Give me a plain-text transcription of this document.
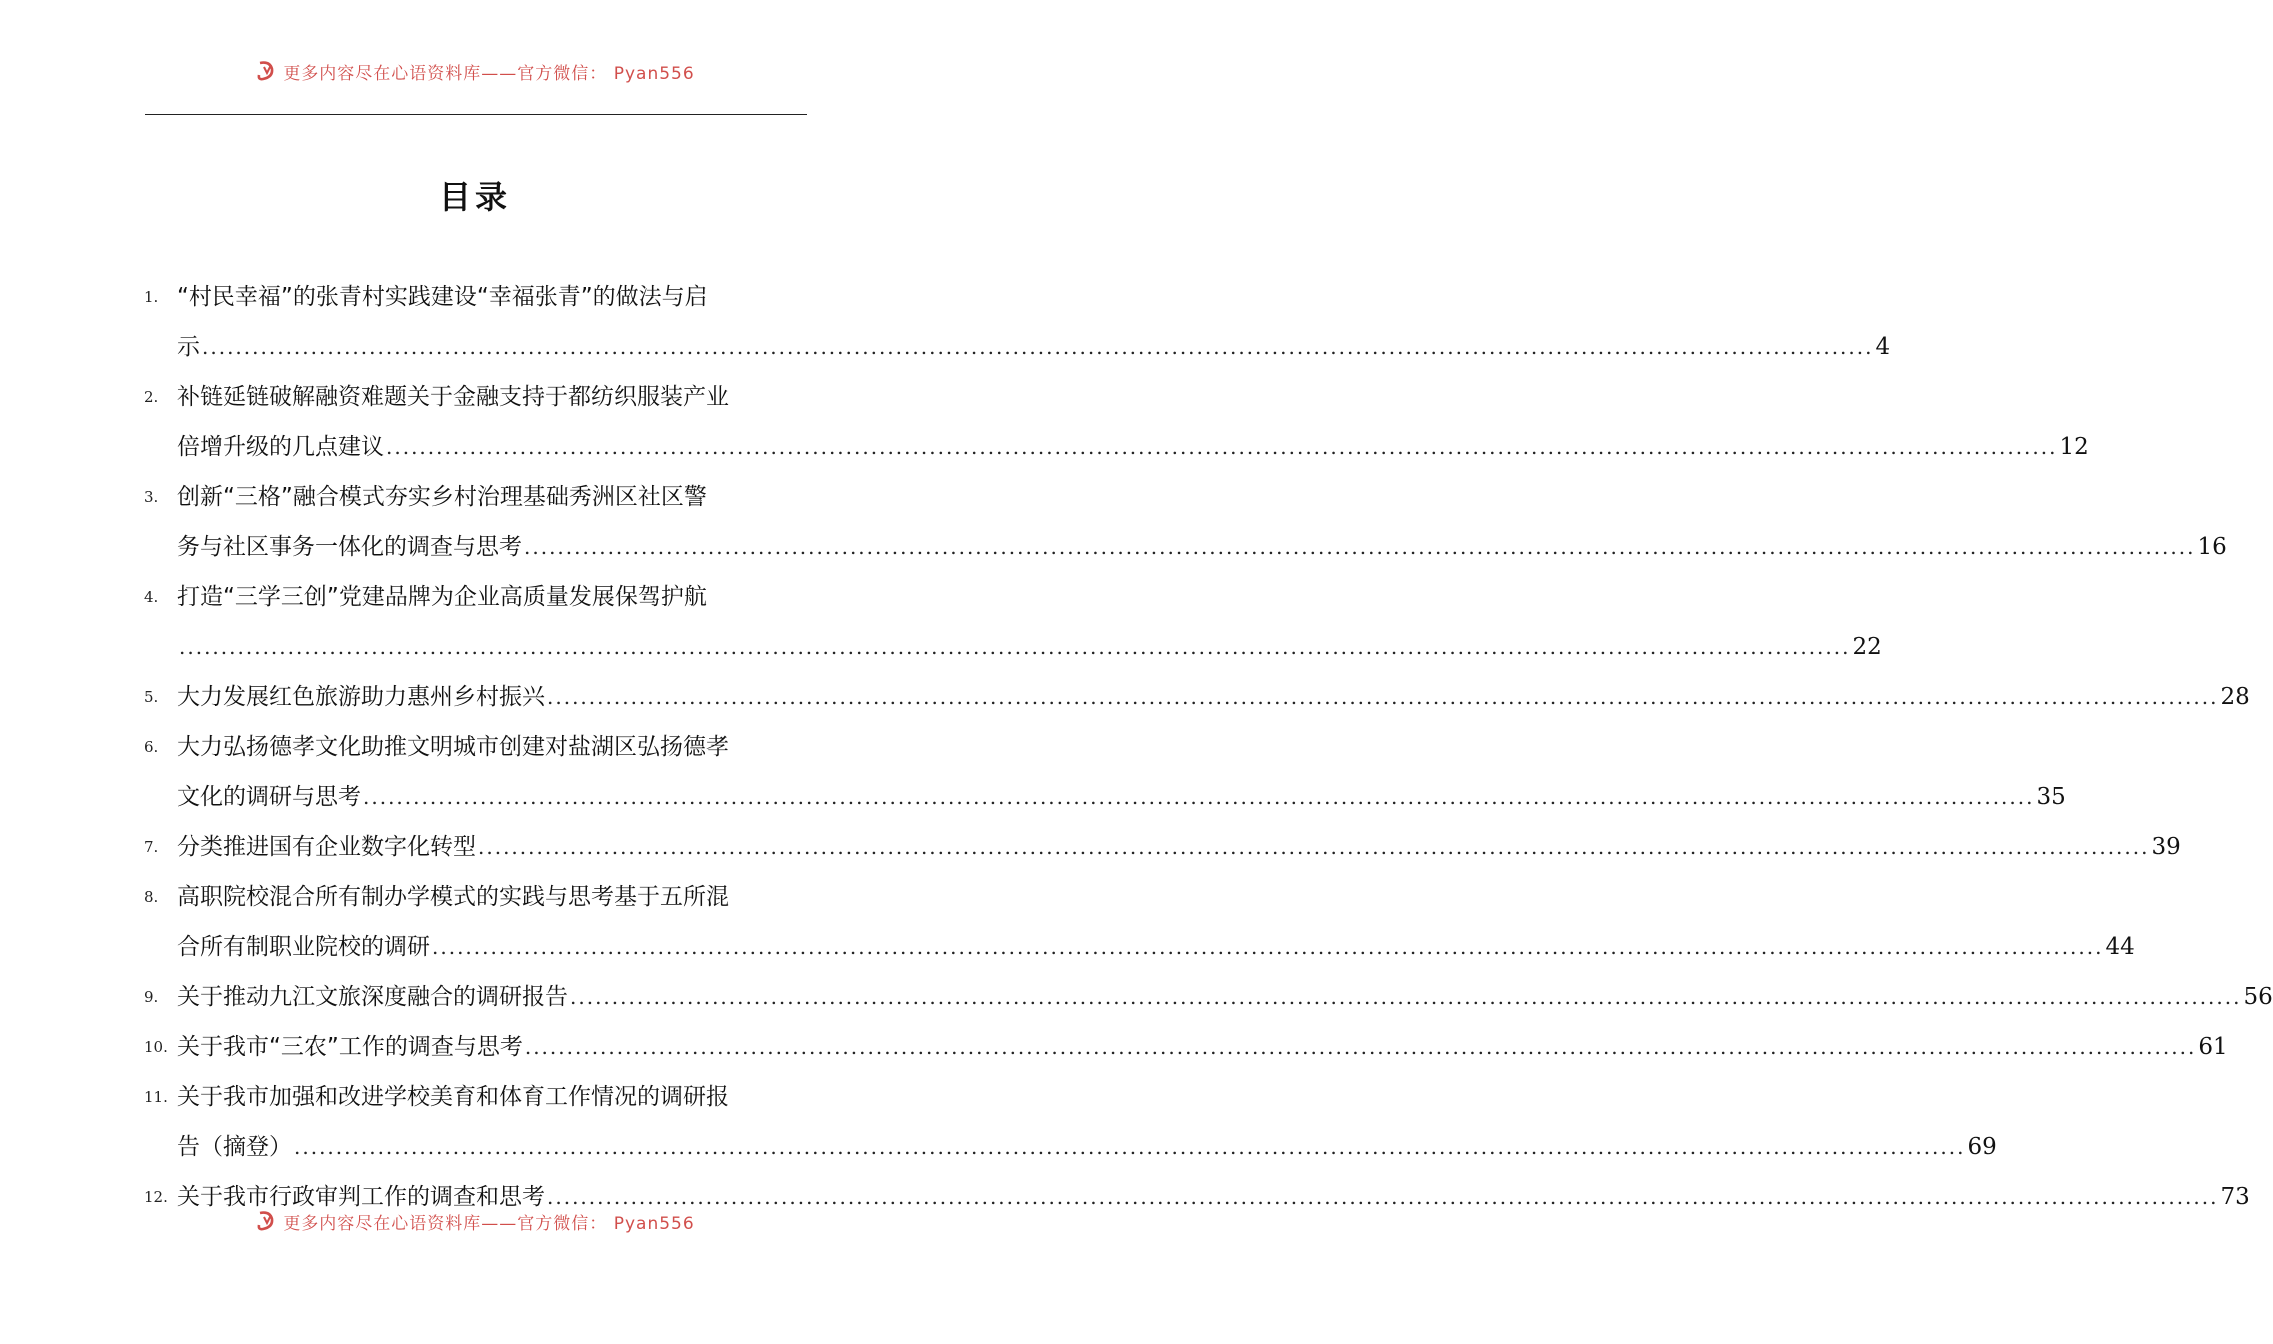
更多内容尽在心语资料库——官方微信： Pyan556
目录
1. “村民幸福”的张青村实践建设“幸福张青”的做法与启
示 ........................................................................................................................................................................................................ 4
2. 补链延链破解融资难题关于金融支持于都纺织服装产业
倍增升级的几点建议 ........................................................................................................................................................................................................ 12
3. 创新“三格”融合模式夯实乡村治理基础秀洲区社区警
务与社区事务一体化的调查与思考 ........................................................................................................................................................................................................ 16
4. 打造“三学三创”党建品牌为企业高质量发展保驾护航
........................................................................................................................................................................................................ 22
5. 大力发展红色旅游助力惠州乡村振兴 ........................................................................................................................................................................................................ 28
6. 大力弘扬德孝文化助推文明城市创建对盐湖区弘扬德孝
文化的调研与思考 ........................................................................................................................................................................................................ 35
7. 分类推进国有企业数字化转型 ........................................................................................................................................................................................................ 39
8. 高职院校混合所有制办学模式的实践与思考基于五所混
合所有制职业院校的调研 ........................................................................................................................................................................................................ 44
9. 关于推动九江文旅深度融合的调研报告 ........................................................................................................................................................................................................ 56
10. 关于我市“三农”工作的调查与思考 ........................................................................................................................................................................................................ 61
11. 关于我市加强和改进学校美育和体育工作情况的调研报
告（摘登） ........................................................................................................................................................................................................ 69
12. 关于我市行政审判工作的调查和思考 ........................................................................................................................................................................................................ 73
更多内容尽在心语资料库——官方微信： Pyan556
